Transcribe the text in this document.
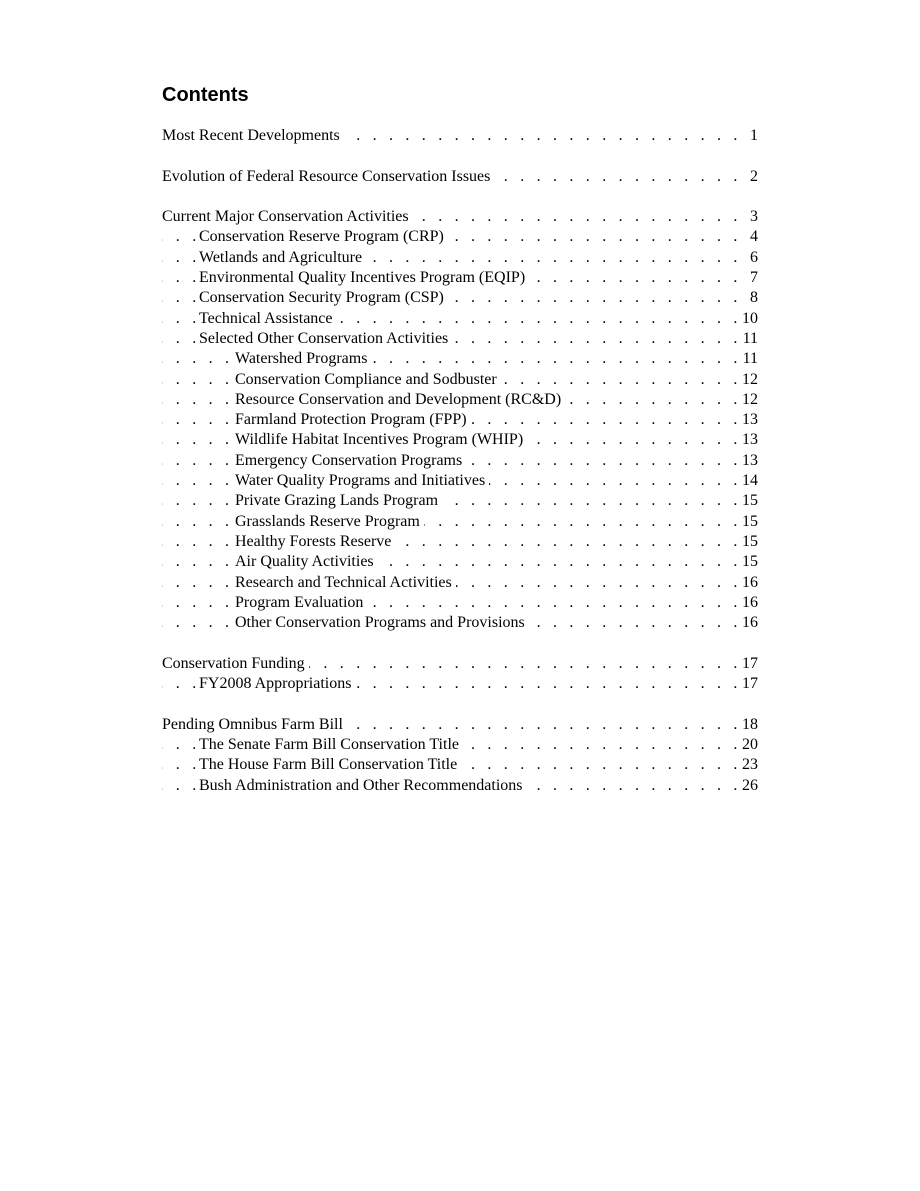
Contents
. . .
Most Recent Developments	1
. . .
Evolution of Federal Resource Conservation Issues	2
. . .
Current Major Conservation Activities	3
. . .
Conservation Reserve Program (CRP)	4
. . .
Wetlands and Agriculture	6
. . .
Environmental Quality Incentives Program (EQIP)	7
. . .
Conservation Security Program (CSP)	8
. . .
Technical Assistance	10
. . .
Selected Other Conservation Activities	11
. . .
Watershed Programs	11
. . .
Conservation Compliance and Sodbuster	12
. . .
Resource Conservation and Development (RC&D)	12
. . .
Farmland Protection Program (FPP)	13
. . .
Wildlife Habitat Incentives Program (WHIP)	13
. . .
Emergency Conservation Programs	13
. . .
Water Quality Programs and Initiatives	14
. . .
Private Grazing Lands Program	15
. . .
Grasslands Reserve Program	15
. . .
Healthy Forests Reserve	15
. . .
Air Quality Activities	15
. . .
Research and Technical Activities	16
. . .
Program Evaluation	16
. . .
Other Conservation Programs and Provisions	16
. . .
Conservation Funding	17
. . .
FY2008 Appropriations	17
. . .
Pending Omnibus Farm Bill	18
. . .
The Senate Farm Bill Conservation Title	20
. . .
The House Farm Bill Conservation Title	23
. . .
Bush Administration and Other Recommendations	26
